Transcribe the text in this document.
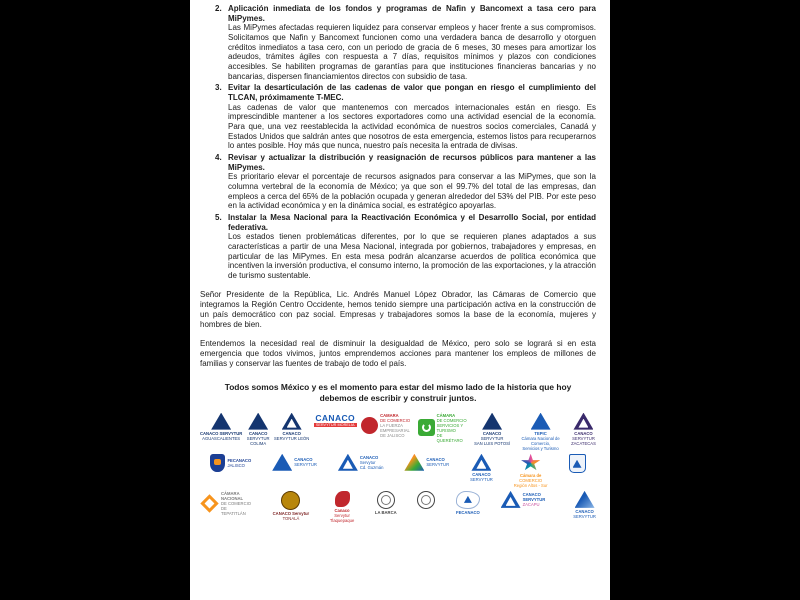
2. Aplicación inmediata de los fondos y programas de Nafin y Bancomext a tasa cero para MiPymes.
Las MiPymes afectadas requieren liquidez para conservar empleos y hacer frente a sus compromisos. Solicitamos que Nafin y Bancomext funcionen como una verdadera banca de desarrollo y otorguen créditos inmediatos a tasa cero, con un periodo de gracia de 6 meses, 30 meses para amortizar los adeudos, trámites ágiles con respuesta a 7 días, requisitos mínimos y plazos con condiciones accesibles. Se habiliten programas de garantías para que instituciones financieras bancarias y no bancarias, dispersen financiamientos directos con subsidio de tasa.
3. Evitar la desarticulación de las cadenas de valor que pongan en riesgo el cumplimiento del TLCAN, próximamente T-MEC.
Las cadenas de valor que mantenemos con mercados internacionales están en riesgo. Es imprescindible mantener a los sectores exportadores como una actividad esencial de la economía. Para que, una vez reestablecida la actividad económica de nuestros socios comerciales, Canadá y Estados Unidos que saldrán antes que nosotros de esta emergencia, estemos listos para recuperarnos lo antes posible. Hoy más que nunca, nuestro país necesita la entrada de divisas.
4. Revisar y actualizar la distribución y reasignación de recursos públicos para mantener a las MiPymes.
Es prioritario elevar el porcentaje de recursos asignados para conservar a las MiPymes, que son la columna vertebral de la economía de México; ya que son el 99.7% del total de las empresas, dan empleos a cerca del 65% de la población ocupada y generan alrededor del 53% del PIB. Por este peso en la actividad económica y en la dinámica social, es estratégico apoyarlas.
5. Instalar la Mesa Nacional para la Reactivación Económica y el Desarrollo Social, por entidad federativa.
Los estados tienen problemáticas diferentes, por lo que se requieren planes adaptados a sus características a partir de una Mesa Nacional, integrada por gobiernos, trabajadores y empresas, en particular de las MiPymes. En esta mesa podrán alcanzarse acuerdos de política económica que incentiven la inversión productiva, el consumo interno, la promoción de las exportaciones, y la atracción de turismo sustentable.

Señor Presidente de la República, Lic. Andrés Manuel López Obrador, las Cámaras de Comercio que integramos la Región Centro Occidente, hemos tenido siempre una participación activa en la construcción de un país democrático con paz social. Empresas y trabajadores somos la base de la economía, mujeres y hombres de bien.

Entendemos la necesidad real de disminuir la desigualdad de México, pero solo se logrará si en esta emergencia que todos vivimos, juntos emprendemos acciones para mantener los empleos de millones de familias y conservar las fuentes de trabajo de todo el país.

Todos somos México y es el momento para estar del mismo lado de la historia que hoy debemos de escribir y construir juntos.
CANACO SERVYTUR
AGUASCALIENTES
CANACO
SERVYTUR
COLIMA
CANACO
SERVYTUR LEÓN
CANACO
SERVYTUR MORELIA
CAMARA
DE COMERCIO
LA FUERZA EMPRESARIAL DE JALISCO
CÁMARA
DE COMERCIO
SERVICIOS Y TURISMO
DE QUERÉTARO
CANACO
SERVYTUR
SAN LUIS POTOSÍ
TEPIC
Cámara Nacional de Comercio,
Servicios y Turismo
CANACO
SERVYTUR
ZACATECAS
FECANACO
JALISCO
CANACO
SERVYTUR
CANACO
Servytur
Cd. Guzmán
CANACO
SERVYTUR
CANACO
SERVYTUR
Cámara de
COMERCIO
Región Altos - Sur
CÁMARA NACIONAL
DE COMERCIO
DE TEPATITLÁN	CANACO Servytur
TONALÁ
Canaco
Servytur
Tlaquepaque
LA BARCA	FECANACO
CANACO SERVYTUR
ZACAPU
CANACO
SERVYTUR
